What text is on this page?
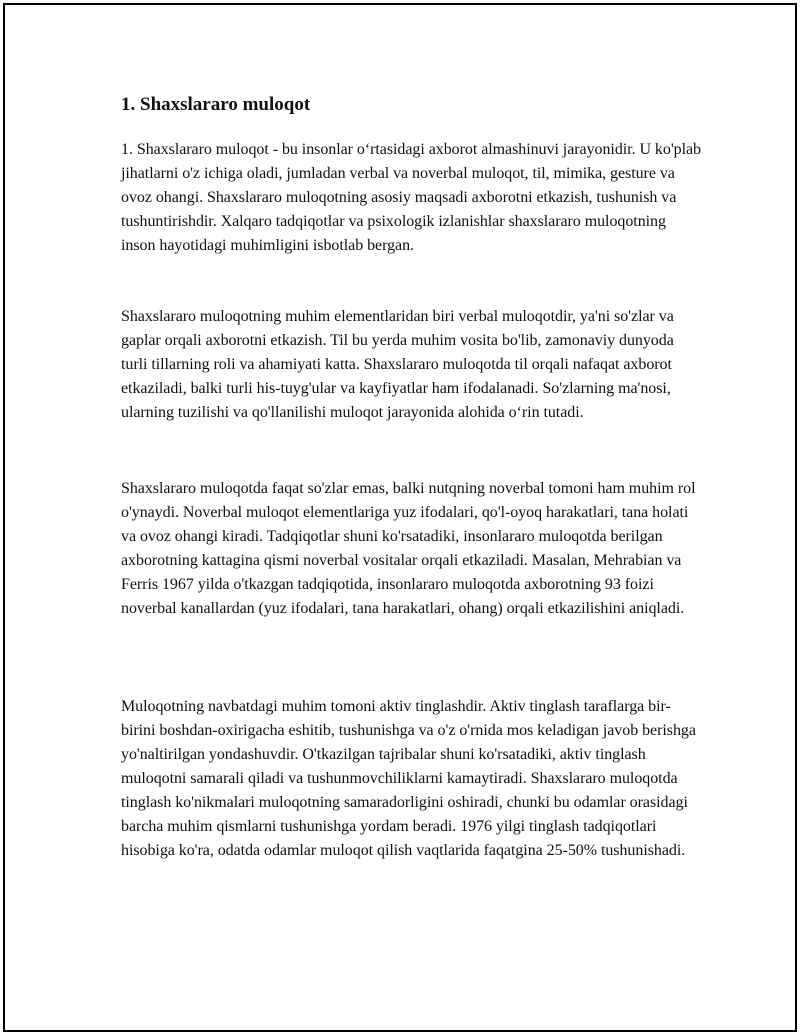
1. Shaxslararo muloqot

1. Shaxslararo muloqot - bu insonlar o‘rtasidagi axborot almashinuvi jarayonidir. U ko'plab jihatlarni o'z ichiga oladi, jumladan verbal va noverbal muloqot, til, mimika, gesture va ovoz ohangi. Shaxslararo muloqotning asosiy maqsadi axborotni etkazish, tushunish va tushuntirishdir. Xalqaro tadqiqotlar va psixologik izlanishlar shaxslararo muloqotning inson hayotidagi muhimligini isbotlab bergan.

Shaxslararo muloqotning muhim elementlaridan biri verbal muloqotdir, ya'ni so'zlar va gaplar orqali axborotni etkazish. Til bu yerda muhim vosita bo'lib, zamonaviy dunyoda turli tillarning roli va ahamiyati katta. Shaxslararo muloqotda til orqali nafaqat axborot etkaziladi, balki turli his-tuyg'ular va kayfiyatlar ham ifodalanadi. So'zlarning ma'nosi, ularning tuzilishi va qo'llanilishi muloqot jarayonida alohida o‘rin tutadi.

Shaxslararo muloqotda faqat so'zlar emas, balki nutqning noverbal tomoni ham muhim rol o'ynaydi. Noverbal muloqot elementlariga yuz ifodalari, qo'l-oyoq harakatlari, tana holati va ovoz ohangi kiradi. Tadqiqotlar shuni ko'rsatadiki, insonlararo muloqotda berilgan axborotning kattagina qismi noverbal vositalar orqali etkaziladi. Masalan, Mehrabian va Ferris 1967 yilda o'tkazgan tadqiqotida, insonlararo muloqotda axborotning 93 foizi noverbal kanallardan (yuz ifodalari, tana harakatlari, ohang) orqali etkazilishini aniqladi.

Muloqotning navbatdagi muhim tomoni aktiv tinglashdir. Aktiv tinglash taraflarga bir-birini boshdan-oxirigacha eshitib, tushunishga va o'z o'rnida mos keladigan javob berishga yo'naltirilgan yondashuvdir. O'tkazilgan tajribalar shuni ko'rsatadiki, aktiv tinglash muloqotni samarali qiladi va tushunmovchiliklarni kamaytiradi. Shaxslararo muloqotda tinglash ko'nikmalari muloqotning samaradorligini oshiradi, chunki bu odamlar orasidagi barcha muhim qismlarni tushunishga yordam beradi. 1976 yilgi tinglash tadqiqotlari hisobiga ko'ra, odatda odamlar muloqot qilish vaqtlarida faqatgina 25-50% tushunishadi.
